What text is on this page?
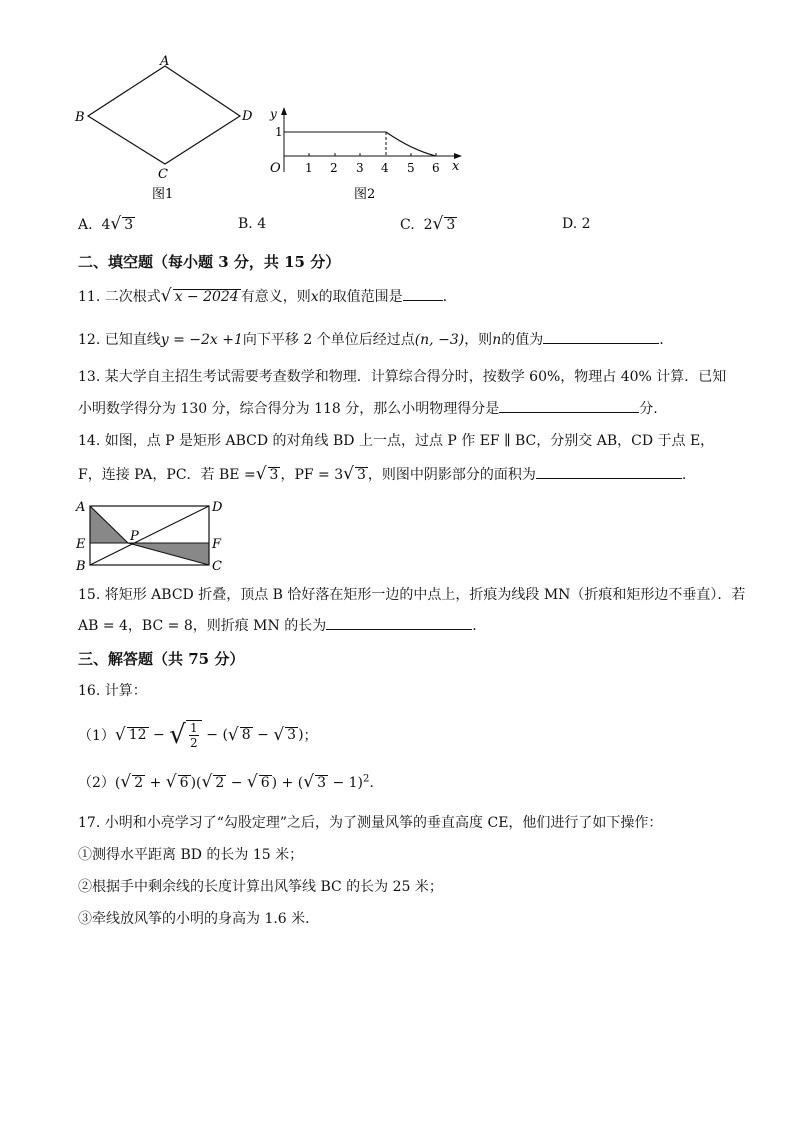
A
B
C
D
图1
y
1
O 1 2 3 4 5 6 x
图2
A. 4√ 3	B. 4	C. 2√ 3	D. 2
二、填空题（每小题 3 分，共 15 分）
11. 二次根式√ x − 2024 有意义，则x的取值范围是	.
12. 已知直线y = −2x +1向下平移 2 个单位后经过点(n, −3)，则n的值为	.
13. 某大学自主招生考试需要考查数学和物理．计算综合得分时，按数学 60%，物理占 40% 计算．已知
小明数学得分为 130 分，综合得分为 118 分，那么小明物理得分是	分.
14. 如图，点 P 是矩形 ABCD 的对角线 BD 上一点，过点 P 作 EF ∥ BC，分别交 AB，CD 于点 E，
F，连接 PA，PC．若 BE =√ 3 ，PF = 3√ 3 ，则图中阴影部分的面积为	.
A	D
E	F
B	C
P
15. 将矩形 ABCD 折叠，顶点 B 恰好落在矩形一边的中点上，折痕为线段 MN（折痕和矩形边不垂直）．若
AB = 4，BC = 8，则折痕 MN 的长为	.
三、解答题（共 75 分）
16. 计算：
（1） √ 12 − √ 1
2 − ( √ 8 − √ 3 ) ；
（2）(√ 2 + √ 6 )(√ 2 − √ 6 ) + (√ 3 − 1)$^2$.
17. 小明和小亮学习了“勾股定理”之后，为了测量风筝的垂直高度 CE，他们进行了如下操作：
①测得水平距离 BD 的长为 15 米；
②根据手中剩余线的长度计算出风筝线 BC 的长为 25 米；
③牵线放风筝的小明的身高为 1.6 米．
